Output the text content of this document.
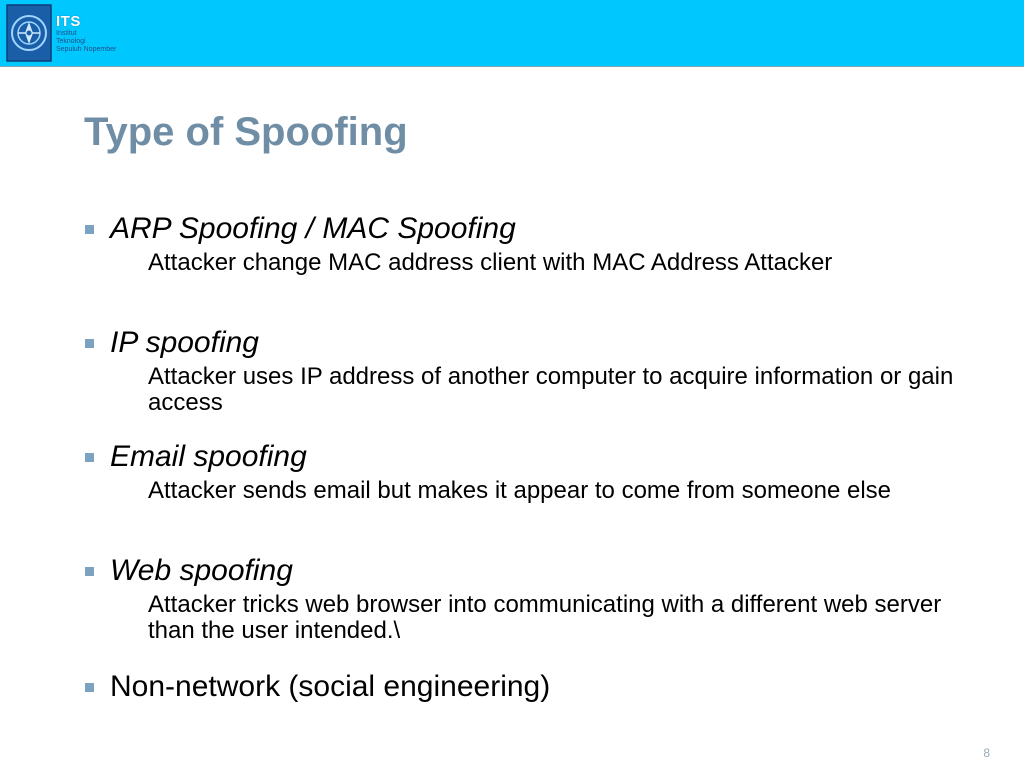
ITS
Institut
Teknologi
Sepuluh Nopember
Type of Spoofing
ARP Spoofing / MAC Spoofing
Attacker change MAC address client with MAC Address Attacker
IP spoofing
Attacker uses IP address of another computer to acquire information or gain access
Email spoofing
Attacker sends email but makes it appear to come from someone else
Web spoofing
Attacker tricks web browser into communicating with a different web server than the user intended.\
Non-network (social engineering)
8
